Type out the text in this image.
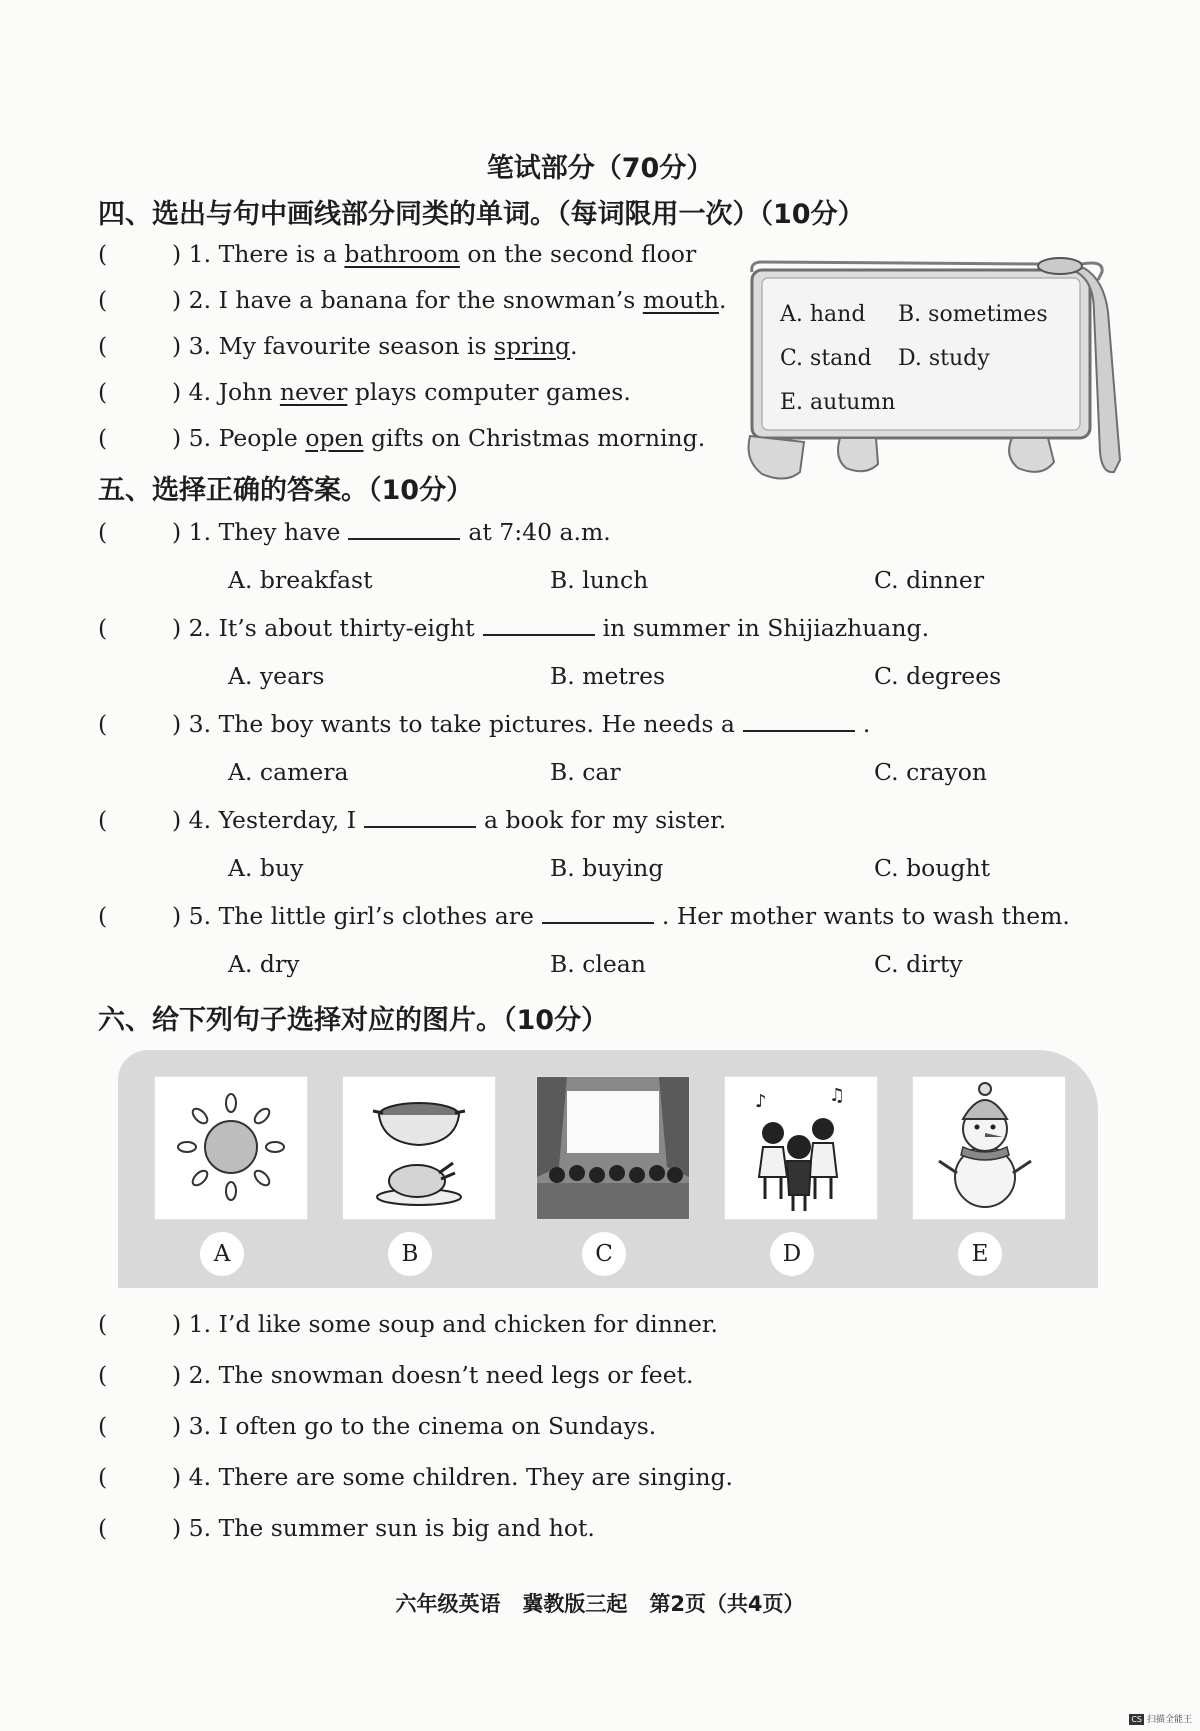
笔试部分（70分）
四、选出与句中画线部分同类的单词。（每词限用一次）（10分）
(	) 1. There is a bathroom on the second floor
(	) 2. I have a banana for the snowman’s mouth.
(	) 3. My favourite season is spring.
(	) 4. John never plays computer games.
(	) 5. People open gifts on Christmas morning.
A. hand B. sometimes
C. stand D. study
E. autumn
五、选择正确的答案。（10分）
(	) 1. They have	at 7:40 a.m.
A. breakfast	B. lunch	C. dinner
(	) 2. It’s about thirty-eight	in summer in Shijiazhuang.
A. years	B. metres	C. degrees
(	) 3. The boy wants to take pictures. He needs a	.
A. camera	B. car	C. crayon
(	) 4. Yesterday, I	a book for my sister.
A. buy	B. buying	C. bought
(	) 5. The little girl’s clothes are	. Her mother wants to wash them.
A. dry	B. clean	C. dirty
六、给下列句子选择对应的图片。（10分）
♪	♫
A	B	C	D	E
(	) 1. I’d like some soup and chicken for dinner.
(	) 2. The snowman doesn’t need legs or feet.
(	) 3. I often go to the cinema on Sundays.
(	) 4. There are some children. They are singing.
(	) 5. The summer sun is big and hot.
六年级英语   冀教版三起   第2页（共4页）
CS 扫描全能王
